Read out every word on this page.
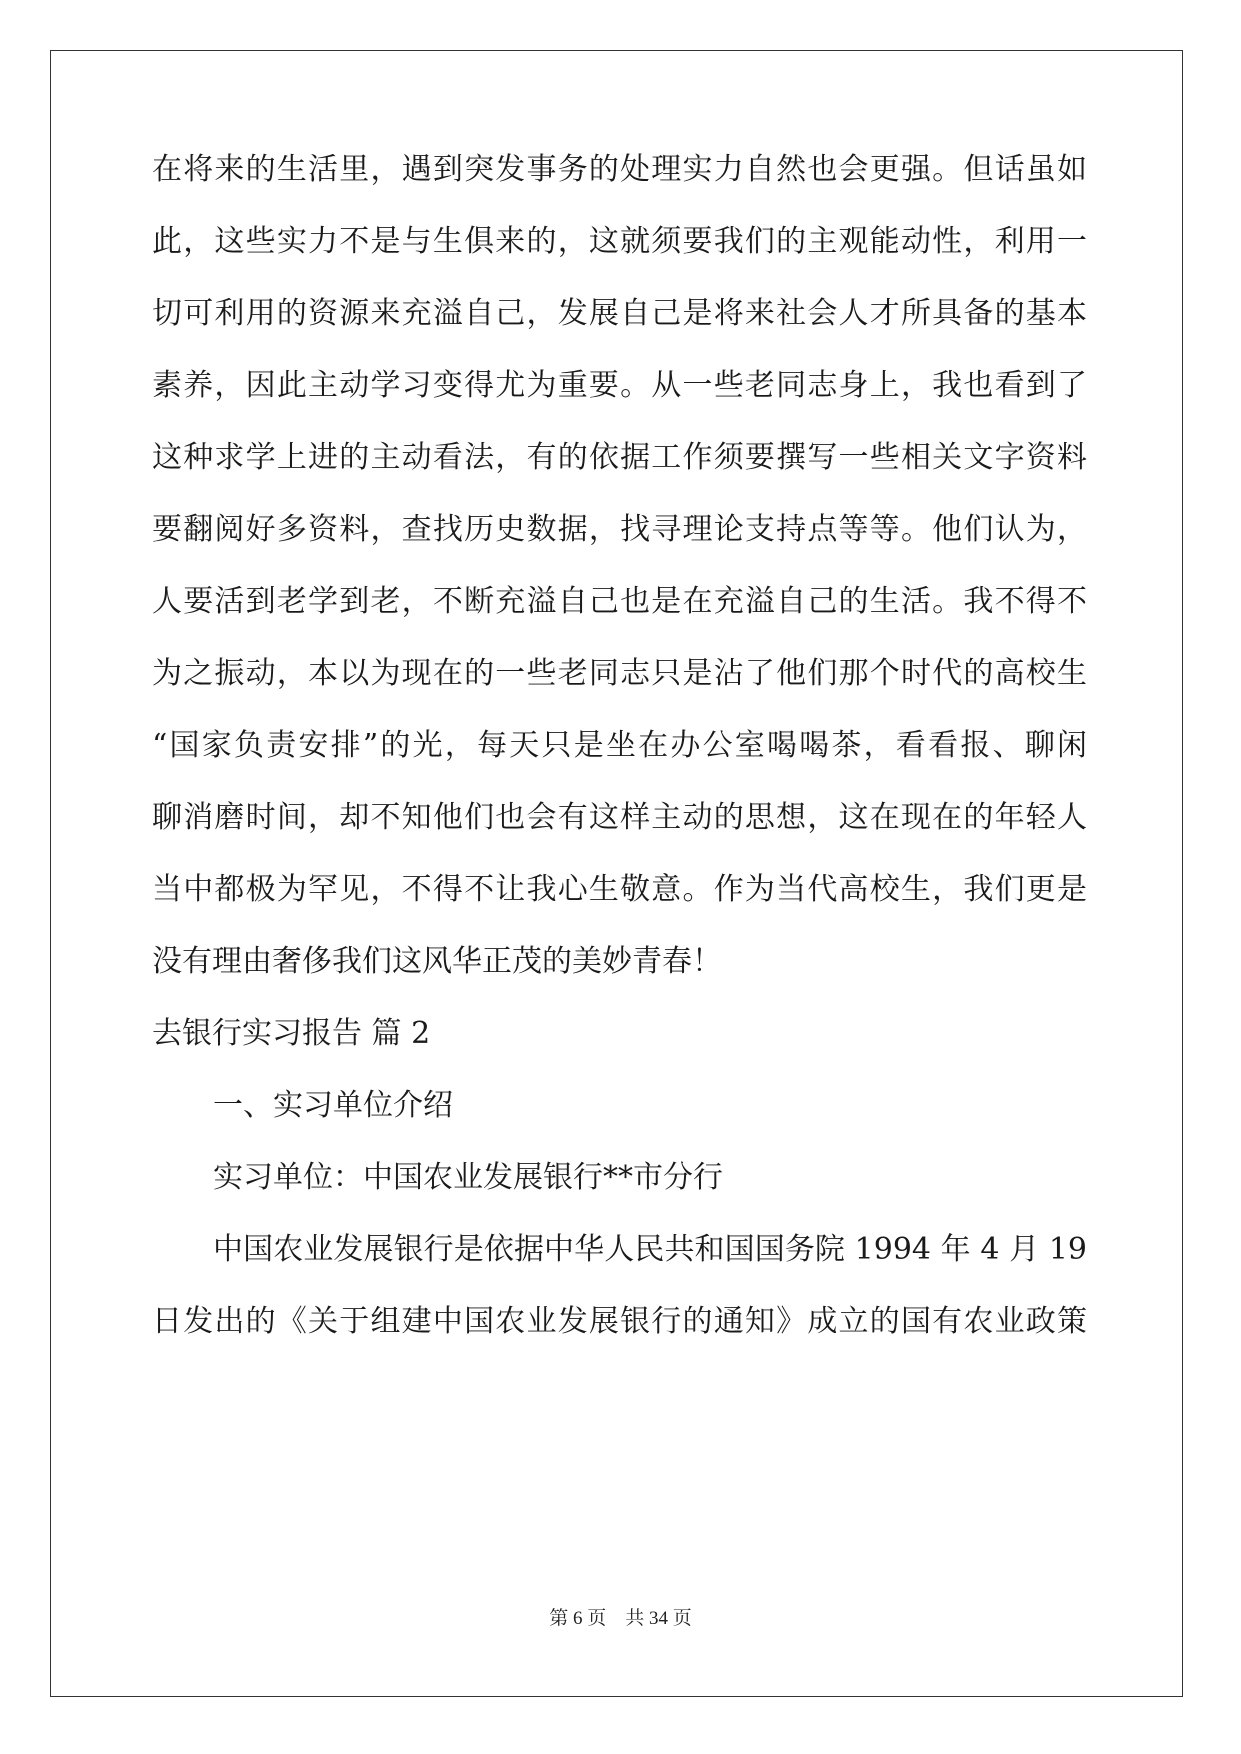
在将来的生活里，遇到突发事务的处理实力自然也会更强。但话虽如

此，这些实力不是与生俱来的，这就须要我们的主观能动性，利用一

切可利用的资源来充溢自己，发展自己是将来社会人才所具备的基本

素养，因此主动学习变得尤为重要。从一些老同志身上，我也看到了

这种求学上进的主动看法，有的依据工作须要撰写一些相关文字资料

要翻阅好多资料，查找历史数据，找寻理论支持点等等。他们认为，

人要活到老学到老，不断充溢自己也是在充溢自己的生活。我不得不

为之振动，本以为现在的一些老同志只是沾了他们那个时代的高校生

“国家负责安排”的光，每天只是坐在办公室喝喝茶，看看报、聊闲

聊消磨时间，却不知他们也会有这样主动的思想，这在现在的年轻人

当中都极为罕见，不得不让我心生敬意。作为当代高校生，我们更是

没有理由奢侈我们这风华正茂的美妙青春！

去银行实习报告 篇 2

一、实习单位介绍

实习单位：中国农业发展银行**市分行

中国农业发展银行是依据中华人民共和国国务院 1994 年 4 月 19

日发出的《关于组建中国农业发展银行的通知》成立的国有农业政策

第 6 页 共 34 页
